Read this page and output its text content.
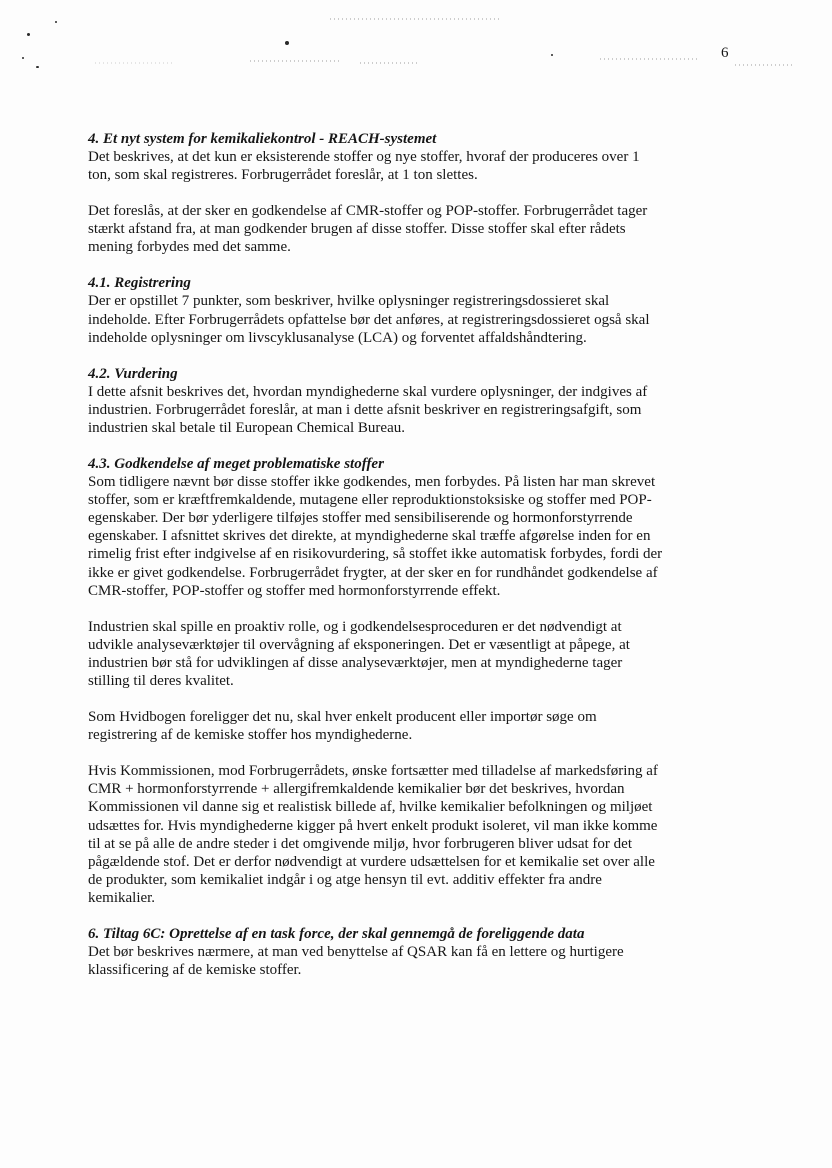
6

4. Et nyt system for kemikaliekontrol - REACH-systemet

Det beskrives, at det kun er eksisterende stoffer og nye stoffer, hvoraf der produceres over 1
ton, som skal registreres. Forbrugerrådet foreslår, at 1 ton slettes.

Det foreslås, at der sker en godkendelse af CMR-stoffer og POP-stoffer. Forbrugerrådet tager
stærkt afstand fra, at man godkender brugen af disse stoffer. Disse stoffer skal efter rådets
mening forbydes med det samme.

4.1. Registrering

Der er opstillet 7 punkter, som beskriver, hvilke oplysninger registreringsdossieret skal
indeholde. Efter Forbrugerrådets opfattelse bør det anføres, at registreringsdossieret også skal
indeholde oplysninger om livscyklusanalyse (LCA) og forventet affaldshåndtering.

4.2. Vurdering

I dette afsnit beskrives det, hvordan myndighederne skal vurdere oplysninger, der indgives af
industrien. Forbrugerrådet foreslår, at man i dette afsnit beskriver en registreringsafgift, som
industrien skal betale til European Chemical Bureau.

4.3. Godkendelse af meget problematiske stoffer

Som tidligere nævnt bør disse stoffer ikke godkendes, men forbydes. På listen har man skrevet
stoffer, som er kræftfremkaldende, mutagene eller reproduktionstoksiske og stoffer med POP-
egenskaber. Der bør yderligere tilføjes stoffer med sensibiliserende og hormonforstyrrende
egenskaber. I afsnittet skrives det direkte, at myndighederne skal træffe afgørelse inden for en
rimelig frist efter indgivelse af en risikovurdering, så stoffet ikke automatisk forbydes, fordi der
ikke er givet godkendelse. Forbrugerrådet frygter, at der sker en for rundhåndet godkendelse af
CMR-stoffer, POP-stoffer og stoffer med hormonforstyrrende effekt.

Industrien skal spille en proaktiv rolle, og i godkendelsesproceduren er det nødvendigt at
udvikle analyseværktøjer til overvågning af eksponeringen. Det er væsentligt at påpege, at
industrien bør stå for udviklingen af disse analyseværktøjer, men at myndighederne tager
stilling til deres kvalitet.

Som Hvidbogen foreligger det nu, skal hver enkelt producent eller importør søge om
registrering af de kemiske stoffer hos myndighederne.

Hvis Kommissionen, mod Forbrugerrådets, ønske fortsætter med tilladelse af markedsføring af
CMR + hormonforstyrrende + allergifremkaldende kemikalier bør det beskrives, hvordan
Kommissionen vil danne sig et realistisk billede af, hvilke kemikalier befolkningen og miljøet
udsættes for. Hvis myndighederne kigger på hvert enkelt produkt isoleret, vil man ikke komme
til at se på alle de andre steder i det omgivende miljø, hvor forbrugeren bliver udsat for det
pågældende stof. Det er derfor nødvendigt at vurdere udsættelsen for et kemikalie set over alle
de produkter, som kemikaliet indgår i og atge hensyn til evt. additiv effekter fra andre
kemikalier.

6. Tiltag 6C: Oprettelse af en task force, der skal gennemgå de foreliggende data

Det bør beskrives nærmere, at man ved benyttelse af QSAR kan få en lettere og hurtigere
klassificering af de kemiske stoffer.
